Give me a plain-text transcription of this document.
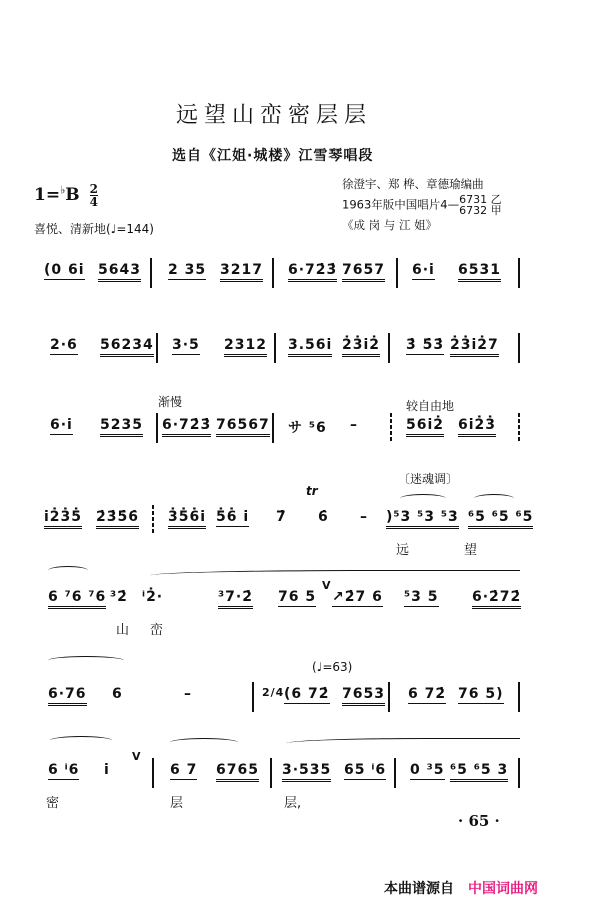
远望山峦密层层
选自《江姐·城楼》江雪琴唱段
$1=^♭B \frac{2}{4}$
喜悦、清新地(♩=144)
徐澄宇、郑 桦、章德瑜编曲
1963年版中国唱片4— 6731 乙
6732 甲
《成 岗 与 江 姐》
(0 6i 5643 2 35 3217 6·72̇3̇ 7657 6·i 6531
2·6 56234 3·5 2312 3.56i 2̇3̇i2̇ 3̇ 5̇3̇ 2̇3̇i2̇7
渐慢	较自由地
6·i 5235 6·72̇3̇ 76567 サ ⁵6 –	56i2̇ 6i2̇3̇
tr
〔迷魂调〕
i2̇3̇5̇ 2̇3̇5̇6̇ 3̇5̇6̇i 5̇6̇ i 7̇ 6̇ – )⁵3 ⁵3 ⁵3 ⁶5 ⁶5 ⁶5
远	望
6 ⁷6 ⁷6 ³2̇ ⁱ2̇·	³7·2̇ 76 5
V
↗2̇7 6 ⁵3 5 6·2̇72̇
山 峦
(♩=63)
6·76 6	–	2/4 (6 72̇ 7653 6 72̇ 76 5)
6 ⁱ6 i
V
6 7 6765 3·535 65 ⁱ6 0 ³5 ⁶5 ⁶5 3
密	层	层,
· 65 ·
本曲谱源自 中国词曲网
